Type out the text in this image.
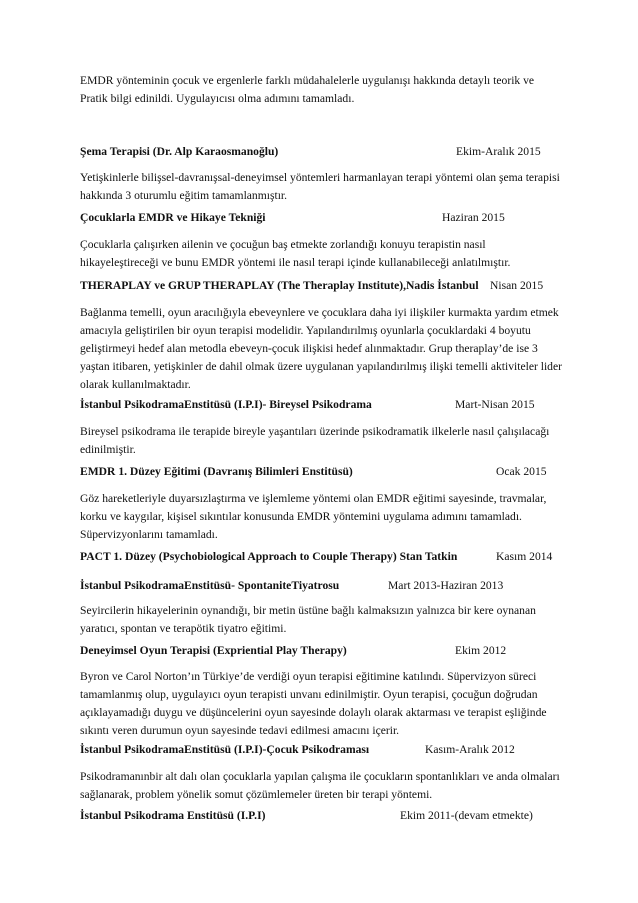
EMDR yönteminin çocuk ve ergenlerle farklı müdahalelerle uygulanışı hakkında detaylı teorik ve Pratik bilgi edinildi. Uygulayıcısı olma adımını tamamladı.

Şema Terapisi (Dr. Alp Karaosmanoğlu)	Ekim-Aralık 2015

Yetişkinlerle bilişsel-davranışsal-deneyimsel yöntemleri harmanlayan terapi yöntemi olan şema terapisi hakkında 3 oturumlu eğitim tamamlanmıştır.

Çocuklarla EMDR ve Hikaye Tekniği	Haziran 2015

Çocuklarla çalışırken ailenin ve çocuğun baş etmekte zorlandığı konuyu terapistin nasıl hikayeleştireceği ve bunu EMDR yöntemi ile nasıl terapi içinde kullanabileceği anlatılmıştır.

THERAPLAY ve GRUP THERAPLAY (The Theraplay Institute),Nadis İstanbul Nisan 2015

Bağlanma temelli, oyun aracılığıyla ebeveynlere ve çocuklara daha iyi ilişkiler kurmakta yardım etmek amacıyla geliştirilen bir oyun terapisi modelidir. Yapılandırılmış oyunlarla çocuklardaki 4 boyutu geliştirmeyi hedef alan metodla ebeveyn-çocuk ilişkisi hedef alınmaktadır. Grup theraplay’de ise 3 yaştan itibaren, yetişkinler de dahil olmak üzere uygulanan yapılandırılmış ilişki temelli aktiviteler lider olarak kullanılmaktadır.

İstanbul PsikodramaEnstitüsü (I.P.I)- Bireysel Psikodrama	Mart-Nisan 2015

Bireysel psikodrama ile terapide bireyle yaşantıları üzerinde psikodramatik ilkelerle nasıl çalışılacağı edinilmiştir.

EMDR 1. Düzey Eğitimi (Davranış Bilimleri Enstitüsü)	Ocak 2015

Göz hareketleriyle duyarsızlaştırma ve işlemleme yöntemi olan EMDR eğitimi sayesinde, travmalar, korku ve kaygılar, kişisel sıkıntılar konusunda EMDR yöntemini uygulama adımını tamamladı. Süpervizyonlarını tamamladı.

PACT 1. Düzey (Psychobiological Approach to Couple Therapy) Stan Tatkin	Kasım 2014
İstanbul PsikodramaEnstitüsü- SpontaniteTiyatrosu	Mart 2013-Haziran 2013

Seyircilerin hikayelerinin oynandığı, bir metin üstüne bağlı kalmaksızın yalnızca bir kere oynanan yaratıcı, spontan ve terapötik tiyatro eğitimi.

Deneyimsel Oyun Terapisi (Expriential Play Therapy)	Ekim 2012

Byron ve Carol Norton’ın Türkiye’de verdiği oyun terapisi eğitimine katılındı. Süpervizyon süreci tamamlanmış olup, uygulayıcı oyun terapisti unvanı edinilmiştir. Oyun terapisi, çocuğun doğrudan açıklayamadığı duygu ve düşüncelerini oyun sayesinde dolaylı olarak aktarması ve terapist eşliğinde sıkıntı veren durumun oyun sayesinde tedavi edilmesi amacını içerir.

İstanbul PsikodramaEnstitüsü (I.P.I)-Çocuk Psikodraması	Kasım-Aralık 2012

Psikodramanınbir alt dalı olan çocuklarla yapılan çalışma ile çocukların spontanlıkları ve anda olmaları sağlanarak, problem yönelik somut çözümlemeler üreten bir terapi yöntemi.

İstanbul Psikodrama Enstitüsü (I.P.I)	Ekim 2011-(devam etmekte)
